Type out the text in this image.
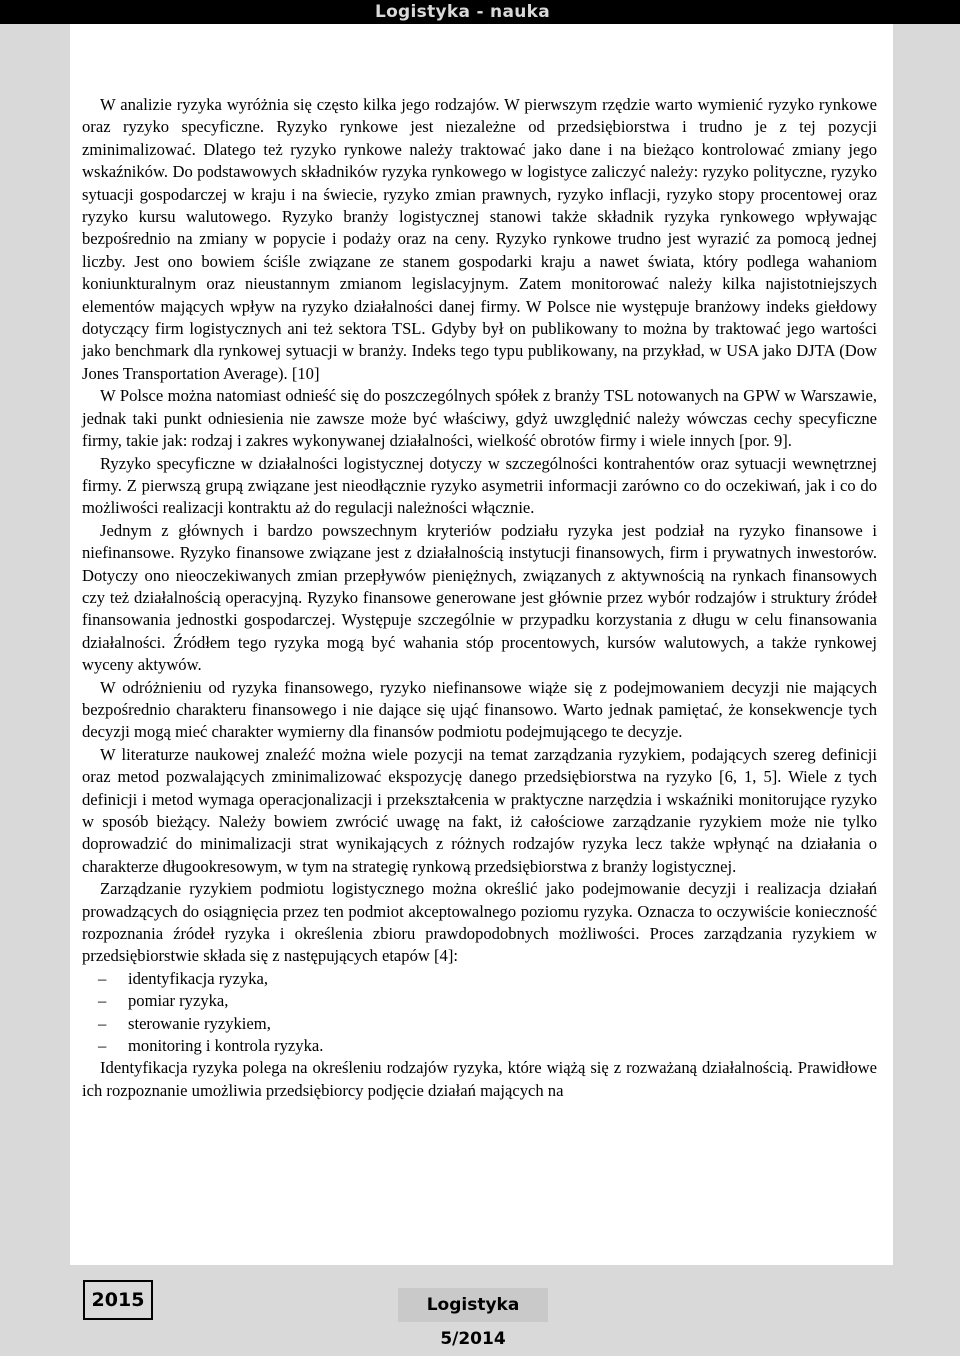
Logistyka - nauka

W analizie ryzyka wyróżnia się często kilka jego rodzajów. W pierwszym rzędzie warto wymienić ryzyko rynkowe oraz ryzyko specyficzne. Ryzyko rynkowe jest niezależne od przedsiębiorstwa i trudno je z tej pozycji zminimalizować. Dlatego też ryzyko rynkowe należy traktować jako dane i na bieżąco kontrolować zmiany jego wskaźników. Do podstawowych składników ryzyka rynkowego w logistyce zaliczyć należy: ryzyko polityczne, ryzyko sytuacji gospodarczej w kraju i na świecie, ryzyko zmian prawnych, ryzyko inflacji, ryzyko stopy procentowej oraz ryzyko kursu walutowego. Ryzyko branży logistycznej stanowi także składnik ryzyka rynkowego wpływając bezpośrednio na zmiany w popycie i podaży oraz na ceny. Ryzyko rynkowe trudno jest wyrazić za pomocą jednej liczby. Jest ono bowiem ściśle związane ze stanem gospodarki kraju a nawet świata, który podlega wahaniom koniunkturalnym oraz nieustannym zmianom legislacyjnym. Zatem monitorować należy kilka najistotniejszych elementów mających wpływ na ryzyko działalności danej firmy. W Polsce nie występuje branżowy indeks giełdowy dotyczący firm logistycznych ani też sektora TSL. Gdyby był on publikowany to można by traktować jego wartości jako benchmark dla rynkowej sytuacji w branży. Indeks tego typu publikowany, na przykład, w USA jako DJTA (Dow Jones Transportation Average). [10]

W Polsce można natomiast odnieść się do poszczególnych spółek z branży TSL notowanych na GPW w Warszawie, jednak taki punkt odniesienia nie zawsze może być właściwy, gdyż uwzględnić należy wówczas cechy specyficzne firmy, takie jak: rodzaj i zakres wykonywanej działalności, wielkość obrotów firmy i wiele innych [por. 9].

Ryzyko specyficzne w działalności logistycznej dotyczy w szczególności kontrahentów oraz sytuacji wewnętrznej firmy. Z pierwszą grupą związane jest nieodłącznie ryzyko asymetrii informacji zarówno co do oczekiwań, jak i co do możliwości realizacji kontraktu aż do regulacji należności włącznie.

Jednym z głównych i bardzo powszechnym kryteriów podziału ryzyka jest podział na ryzyko finansowe i niefinansowe. Ryzyko finansowe związane jest z działalnością instytucji finansowych, firm i prywatnych inwestorów. Dotyczy ono nieoczekiwanych zmian przepływów pieniężnych, związanych z aktywnością na rynkach finansowych czy też działalnością operacyjną. Ryzyko finansowe generowane jest głównie przez wybór rodzajów i struktury źródeł finansowania jednostki gospodarczej. Występuje szczególnie w przypadku korzystania z długu w celu finansowania działalności. Źródłem tego ryzyka mogą być wahania stóp procentowych, kursów walutowych, a także rynkowej wyceny aktywów.

W odróżnieniu od ryzyka finansowego, ryzyko niefinansowe wiąże się z podejmowaniem decyzji nie mających bezpośrednio charakteru finansowego i nie dające się ująć finansowo. Warto jednak pamiętać, że konsekwencje tych decyzji mogą mieć charakter wymierny dla finansów podmiotu podejmującego te decyzje.

W literaturze naukowej znaleźć można wiele pozycji na temat zarządzania ryzykiem, podających szereg definicji oraz metod pozwalających zminimalizować ekspozycję danego przedsiębiorstwa na ryzyko [6, 1, 5]. Wiele z tych definicji i metod wymaga operacjonalizacji i przekształcenia w praktyczne narzędzia i wskaźniki monitorujące ryzyko w sposób bieżący. Należy bowiem zwrócić uwagę na fakt, iż całościowe zarządzanie ryzykiem może nie tylko doprowadzić do minimalizacji strat wynikających z różnych rodzajów ryzyka lecz także wpłynąć na działania o charakterze długookresowym, w tym na strategię rynkową przedsiębiorstwa z branży logistycznej.

Zarządzanie ryzykiem podmiotu logistycznego można określić jako podejmowanie decyzji i realizacja działań prowadzących do osiągnięcia przez ten podmiot akceptowalnego poziomu ryzyka. Oznacza to oczywiście konieczność rozpoznania źródeł ryzyka i określenia zbioru prawdopodobnych możliwości. Proces zarządzania ryzykiem w przedsiębiorstwie składa się z następujących etapów [4]:

– identyfikacja ryzyka,
– pomiar ryzyka,
– sterowanie ryzykiem,
– monitoring i kontrola ryzyka.

Identyfikacja ryzyka polega na określeniu rodzajów ryzyka, które wiążą się z rozważaną działalnością. Prawidłowe ich rozpoznanie umożliwia przedsiębiorcy podjęcie działań mających na

2015	Logistyka 5/2014
